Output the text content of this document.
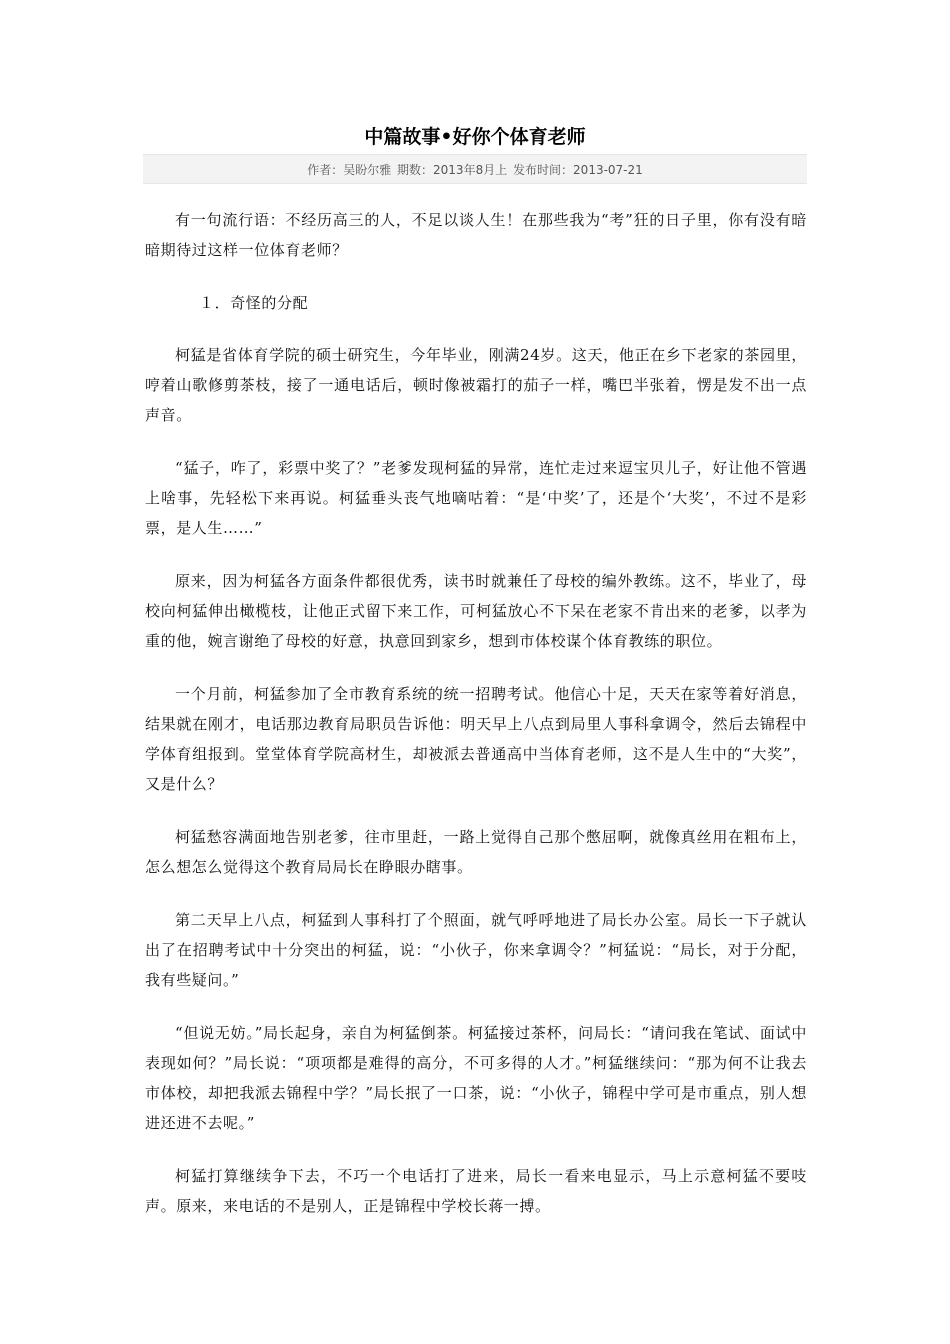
中篇故事•好你个体育老师
作者：吴盼尔雅 期数：2013年8月上 发布时间：2013-07-21

有一句流行语：不经历高三的人，不足以谈人生！在那些我为“考”狂的日子里，你有没有暗暗期待过这样一位体育老师？

１．奇怪的分配

柯猛是省体育学院的硕士研究生，今年毕业，刚满24岁。这天，他正在乡下老家的茶园里，哼着山歌修剪茶枝，接了一通电话后，顿时像被霜打的茄子一样，嘴巴半张着，愣是发不出一点声音。

“猛子，咋了，彩票中奖了？”老爹发现柯猛的异常，连忙走过来逗宝贝儿子，好让他不管遇上啥事，先轻松下来再说。柯猛垂头丧气地嘀咕着：“是‘中奖’了，还是个‘大奖’，不过不是彩票，是人生……”

原来，因为柯猛各方面条件都很优秀，读书时就兼任了母校的编外教练。这不，毕业了，母校向柯猛伸出橄榄枝，让他正式留下来工作，可柯猛放心不下呆在老家不肯出来的老爹，以孝为重的他，婉言谢绝了母校的好意，执意回到家乡，想到市体校谋个体育教练的职位。

一个月前，柯猛参加了全市教育系统的统一招聘考试。他信心十足，天天在家等着好消息，结果就在刚才，电话那边教育局职员告诉他：明天早上八点到局里人事科拿调令，然后去锦程中学体育组报到。堂堂体育学院高材生，却被派去普通高中当体育老师，这不是人生中的“大奖”，又是什么？

柯猛愁容满面地告别老爹，往市里赶，一路上觉得自己那个憋屈啊，就像真丝用在粗布上，怎么想怎么觉得这个教育局局长在睁眼办瞎事。

第二天早上八点，柯猛到人事科打了个照面，就气呼呼地进了局长办公室。局长一下子就认出了在招聘考试中十分突出的柯猛，说：“小伙子，你来拿调令？”柯猛说：“局长，对于分配，我有些疑问。”

“但说无妨。”局长起身，亲自为柯猛倒茶。柯猛接过茶杯，问局长：“请问我在笔试、面试中表现如何？”局长说：“项项都是难得的高分，不可多得的人才。”柯猛继续问：“那为何不让我去市体校，却把我派去锦程中学？”局长抿了一口茶，说：“小伙子，锦程中学可是市重点，别人想进还进不去呢。”

柯猛打算继续争下去，不巧一个电话打了进来，局长一看来电显示，马上示意柯猛不要吱声。原来，来电话的不是别人，正是锦程中学校长蒋一搏。
